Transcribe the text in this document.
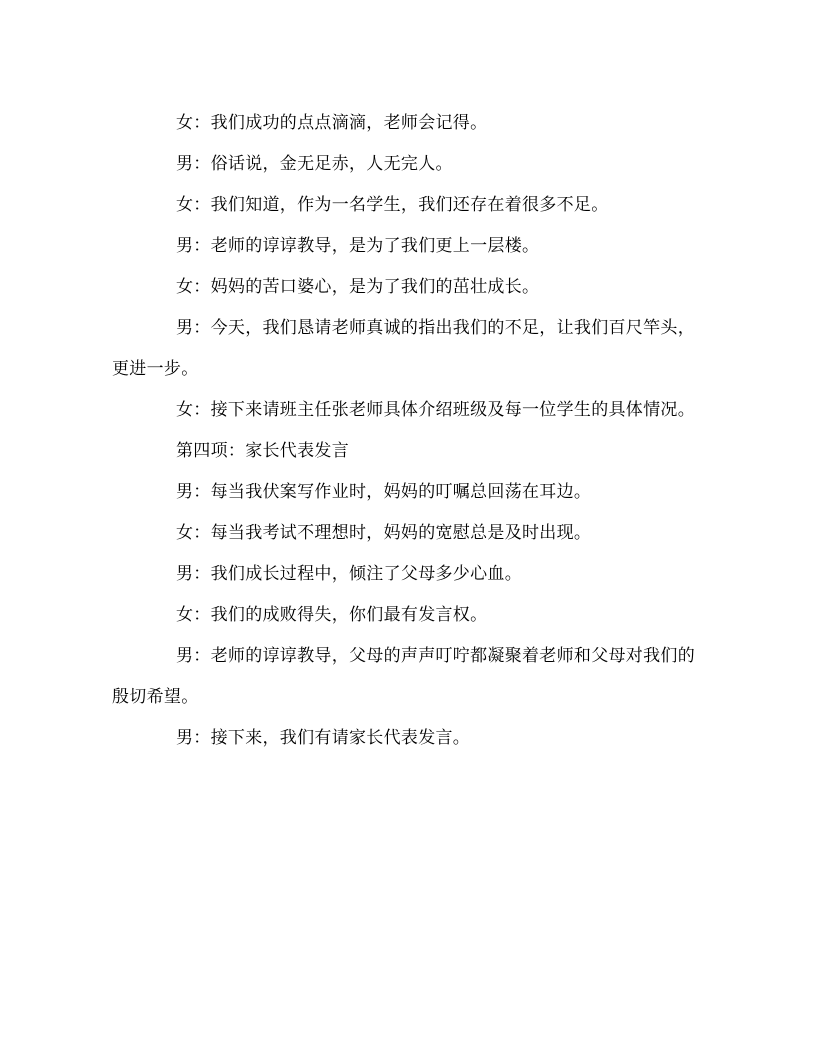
女：我们成功的点点滴滴，老师会记得。

男：俗话说，金无足赤，人无完人。

女：我们知道，作为一名学生，我们还存在着很多不足。

男：老师的谆谆教导，是为了我们更上一层楼。

女：妈妈的苦口婆心，是为了我们的茁壮成长。

男：今天，我们恳请老师真诚的指出我们的不足，让我们百尺竿头，更进一步。

女：接下来请班主任张老师具体介绍班级及每一位学生的具体情况。

第四项：家长代表发言

男：每当我伏案写作业时，妈妈的叮嘱总回荡在耳边。

女：每当我考试不理想时，妈妈的宽慰总是及时出现。

男：我们成长过程中，倾注了父母多少心血。

女：我们的成败得失，你们最有发言权。

男：老师的谆谆教导，父母的声声叮咛都凝聚着老师和父母对我们的殷切希望。

男：接下来，我们有请家长代表发言。
